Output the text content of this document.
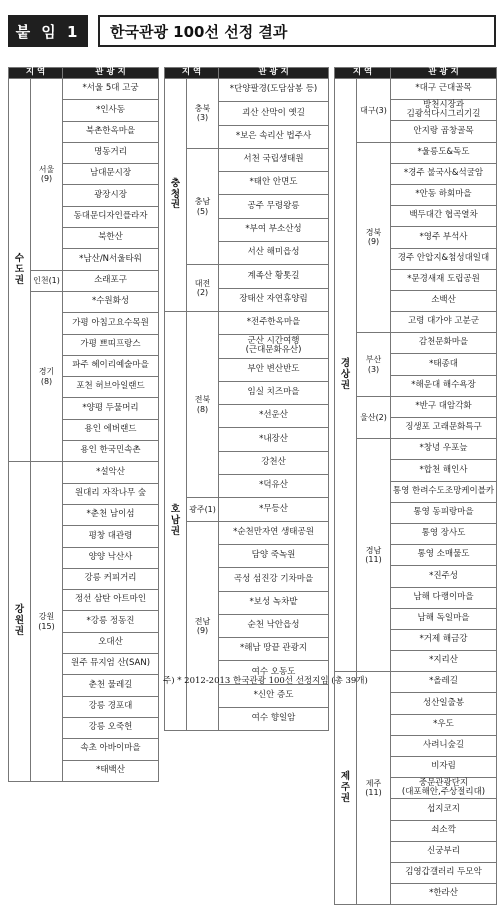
붙 임 1	한국관광 100선 선정 결과
지 역		관 광 지
수
도
권	서울
(9)	*서울 5대 고궁
		*인사동
		북촌한옥마을
		명동거리
		남대문시장
		광장시장
		동대문디자인플라자
		북한산
		*남산/N서울타워
	인천(1)	소래포구
	경기
(8)	*수원화성
		가평 아침고요수목원
		가평 쁘띠프랑스
		파주 헤이리예술마을
		포천 허브아일랜드
		*양평 두물머리
		용인 에버랜드
		용인 한국민속촌
강
원
권	강원
(15)	*설악산
		원대리 자작나무 숲
		*춘천 남이섬
		평창 대관령
		양양 낙산사
		강릉 커피거리
		정선 삼탄 아트마인
		*강릉 정동진
		오대산
		원주 뮤지엄 산(SAN)
		춘천 물레길
		강릉 경포대
		강릉 오죽헌
		속초 아바이마을
		*태백산
지 역		관 광 지
충
청
권	충북
(3)	*단양팔경(도담삼봉 등)
		괴산 산막이 옛길
		*보은 속리산 법주사
	충남
(5)	서천 국립생태원
		*태안 안면도
		공주 무령왕릉
		*부여 부소산성
		서산 해미읍성
	대전
(2)	계족산 황톳길
		장태산 자연휴양림
호
남
권	전북
(8)	*전주한옥마을
		군산 시간여행
(근대문화유산)
		부안 변산반도
		임실 치즈마을
		*선운산
		*내장산
		강천산
		*덕유산
	광주(1)	*무등산
	전남
(9)	*순천만자연 생태공원
		담양 죽녹원
		곡성 섬진강 기차마을
		*보성 녹차밭
		순천 낙안읍성
		*해남 땅끝 관광지
		여수 오동도
		*신안 증도
		여수 향일암
지 역		관 광 지
경
상
권	대구(3)	*대구 근대골목
		방천시장과
김광석다시그리기길
		안지랑 곱창골목
	경북
(9)	*울릉도&독도
		*경주 불국사&석굴암
		*안동 하회마을
		백두대간 협곡열차
		*영주 부석사
		경주 안압지&첨성대일대
		*문경새재 도립공원
		소백산
		고령 대가야 고분군
	부산
(3)	감천문화마을
		*태종대
		*해운대 해수욕장
	울산(2)	*반구 대암각화
		징생포 고래문화특구
	경남
(11)	*창녕 우포늪
		*합천 해인사
		통영 한려수도조망케이블카
		통영 동피랑마을
		통영 장사도
		통영 소매물도
		*진주성
		남해 다랭이마을
		남해 독일마을
		*거제 해금강
		*지리산
제
주
권	제주
(11)	*올레길
		성산일출봉
		*우도
		사려니숲길
		비자림
		중문관광단지
(대포해안,주상절리대)
		섭지코지
		쇠소깍
		신궁부리
		김영갑갤러리 두모악
		*한라산
주) * 2012-2013 한국관광 100선 선정지임 (총 39개)
